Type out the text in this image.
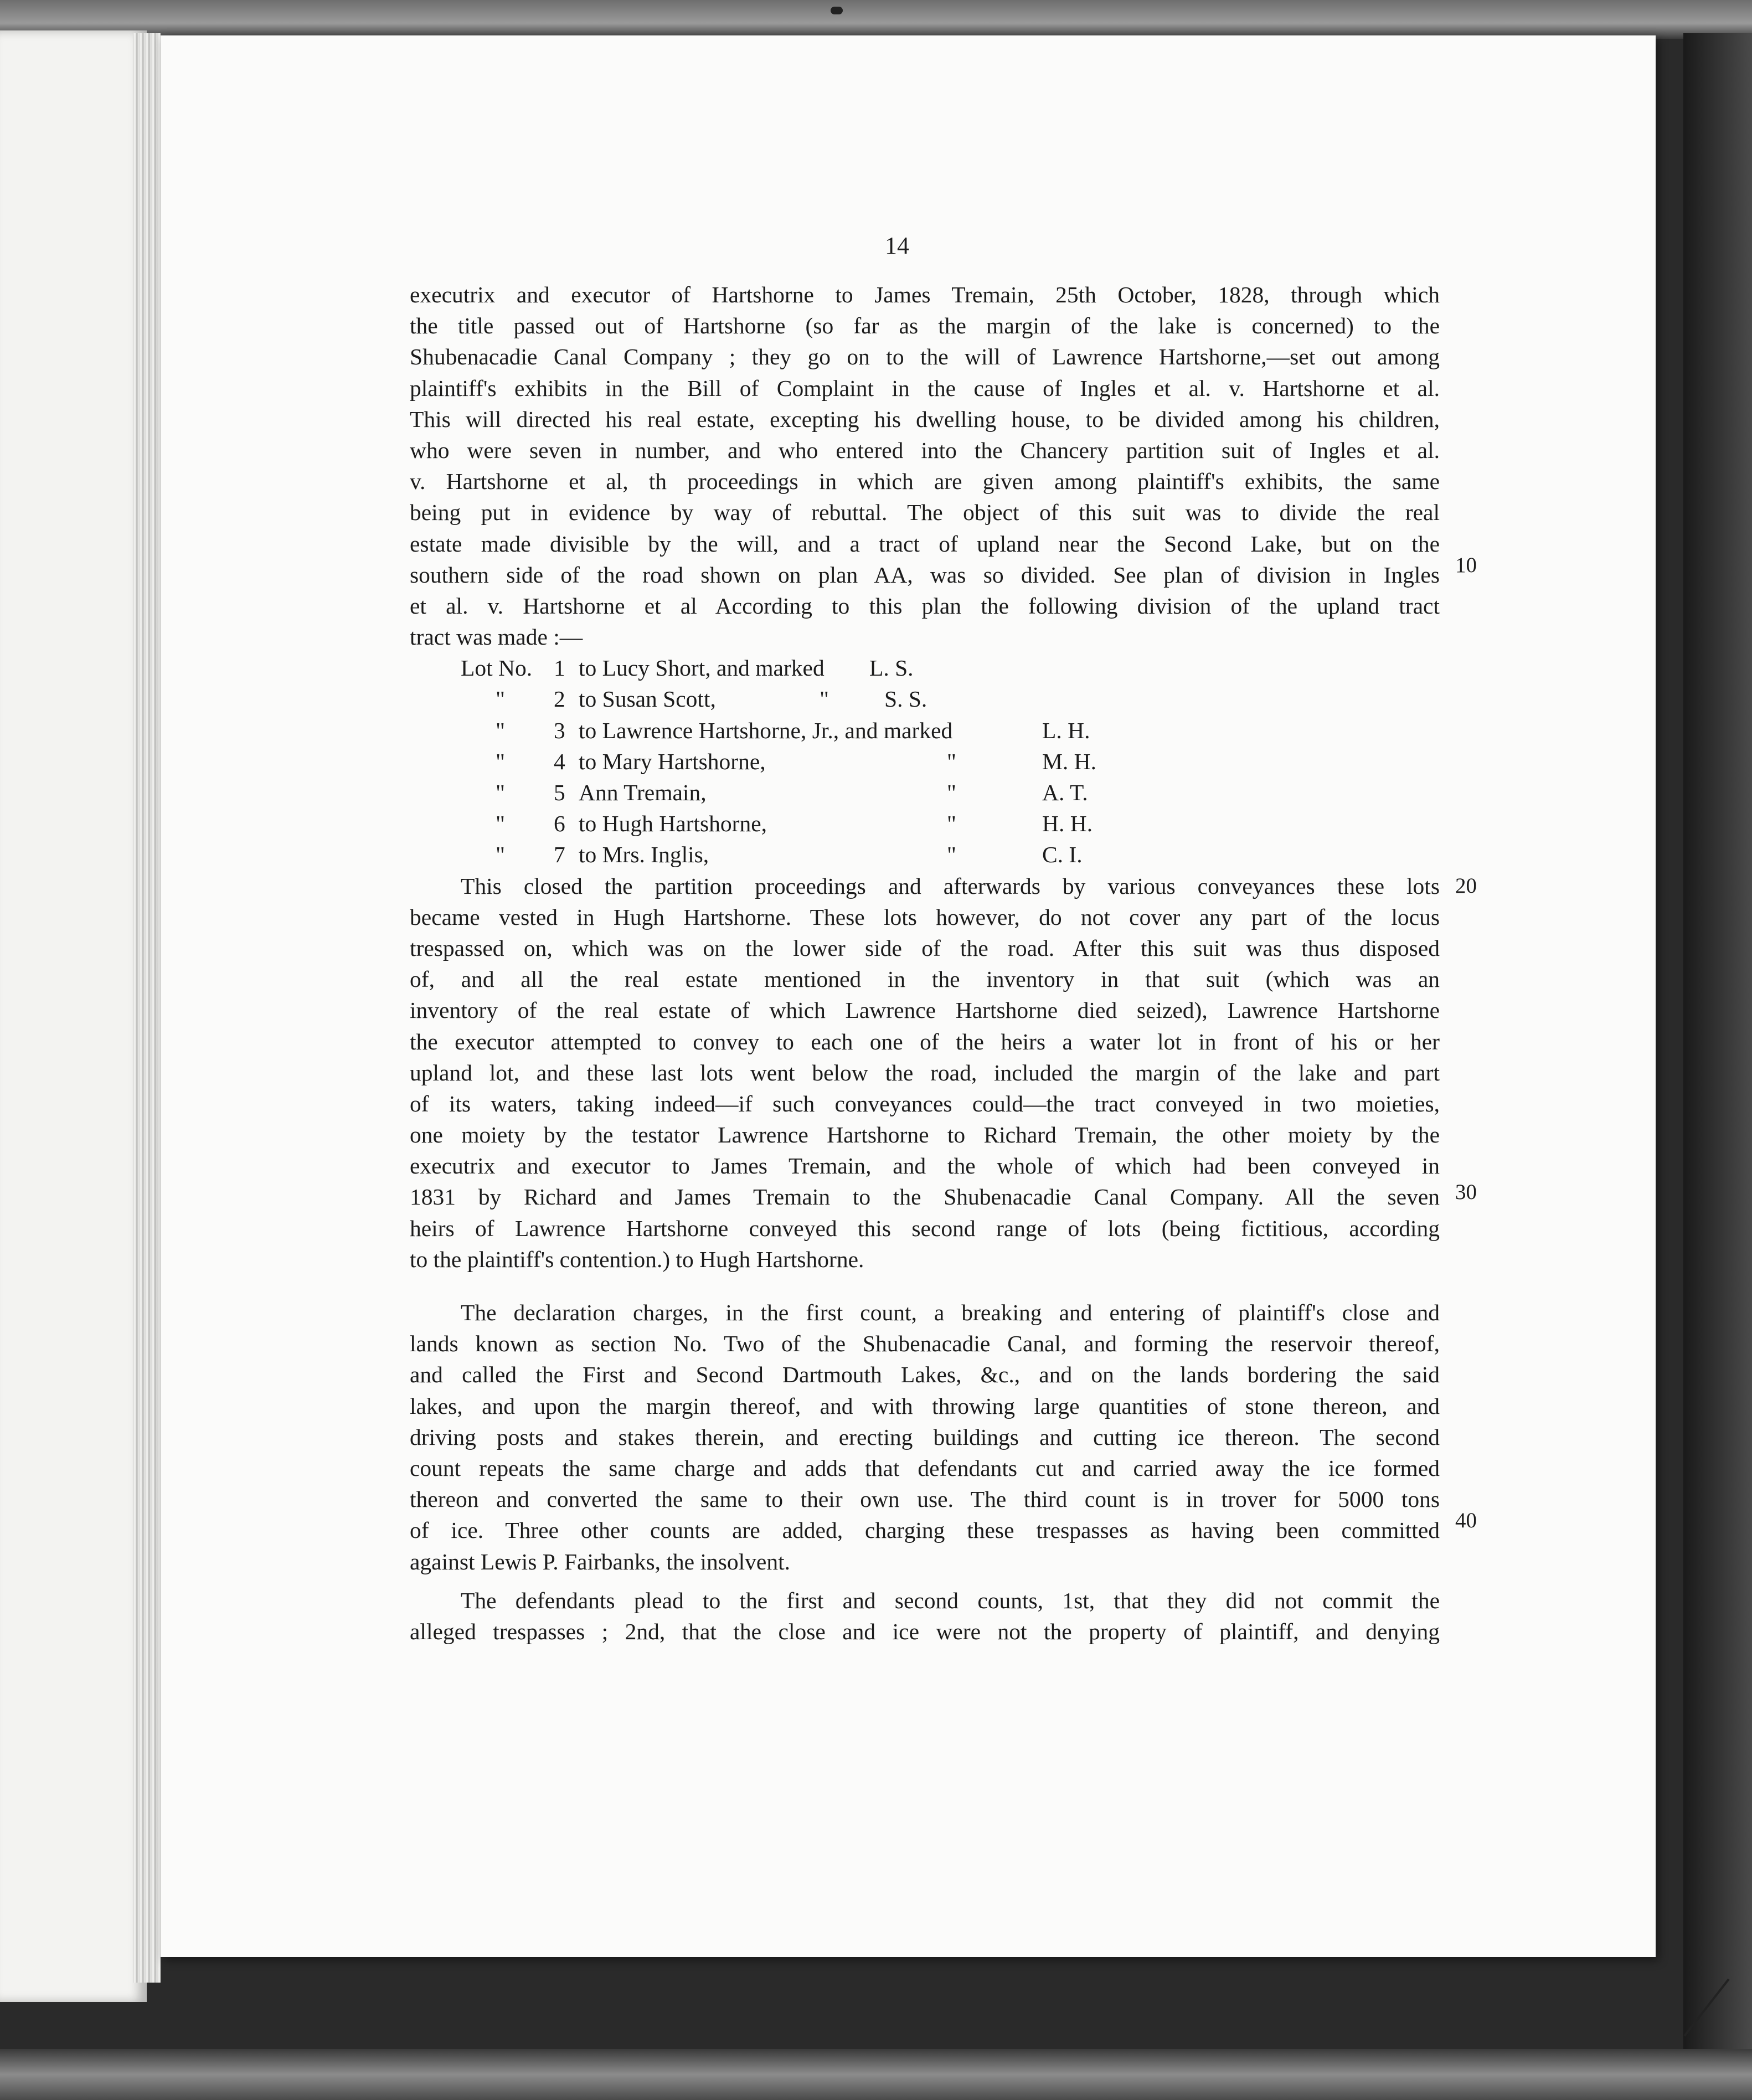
14
executrix and executor of Hartshorne to James Tremain, 25th October, 1828, through which
the title passed out of Hartshorne (so far as the margin of the lake is concerned) to the
Shubenacadie Canal Company ; they go on to the will of Lawrence Hartshorne,—set out among
plaintiff's exhibits in the Bill of Complaint in the cause of Ingles et al. v. Hartshorne et al.
This will directed his real estate, excepting his dwelling house, to be divided among his children,
who were seven in number, and who entered into the Chancery partition suit of Ingles et al.
v. Hartshorne et al, th proceedings in which are given among plaintiff's exhibits, the same
being put in evidence by way of rebuttal. The object of this suit was to divide the real
estate made divisible by the will, and a tract of upland near the Second Lake, but on the
southern side of the road shown on plan AA, was so divided. See plan of division in Ingles
et al. v. Hartshorne et al According to this plan the following division of the upland tract
tract was made :—
Lot No. 1 to Lucy Short, and marked L. S.
" 2 to Susan Scott,	" S. S.
" 3 to Lawrence Hartshorne, Jr., and marked	L. H.
" 4 to Mary Hartshorne,	"	M. H.
" 5 Ann Tremain,	"	A. T.
" 6 to Hugh Hartshorne,	"	H. H.
" 7 to Mrs. Inglis,	"	C. I.
This closed the partition proceedings and afterwards by various conveyances these lots
became vested in Hugh Hartshorne. These lots however, do not cover any part of the locus
trespassed on, which was on the lower side of the road. After this suit was thus disposed
of, and all the real estate mentioned in the inventory in that suit (which was an
inventory of the real estate of which Lawrence Hartshorne died seized), Lawrence Hartshorne
the executor attempted to convey to each one of the heirs a water lot in front of his or her
upland lot, and these last lots went below the road, included the margin of the lake and part
of its waters, taking indeed—if such conveyances could—the tract conveyed in two moieties,
one moiety by the testator Lawrence Hartshorne to Richard Tremain, the other moiety by the
executrix and executor to James Tremain, and the whole of which had been conveyed in
1831 by Richard and James Tremain to the Shubenacadie Canal Company. All the seven
heirs of Lawrence Hartshorne conveyed this second range of lots (being fictitious, according
to the plaintiff's contention.) to Hugh Hartshorne.
The declaration charges, in the first count, a breaking and entering of plaintiff's close and
lands known as section No. Two of the Shubenacadie Canal, and forming the reservoir thereof,
and called the First and Second Dartmouth Lakes, &c., and on the lands bordering the said
lakes, and upon the margin thereof, and with throwing large quantities of stone thereon, and
driving posts and stakes therein, and erecting buildings and cutting ice thereon. The second
count repeats the same charge and adds that defendants cut and carried away the ice formed
thereon and converted the same to their own use. The third count is in trover for 5000 tons
of ice. Three other counts are added, charging these trespasses as having been committed
against Lewis P. Fairbanks, the insolvent.
The defendants plead to the first and second counts, 1st, that they did not commit the
alleged trespasses ; 2nd, that the close and ice were not the property of plaintiff, and denying
10
20
30
40
